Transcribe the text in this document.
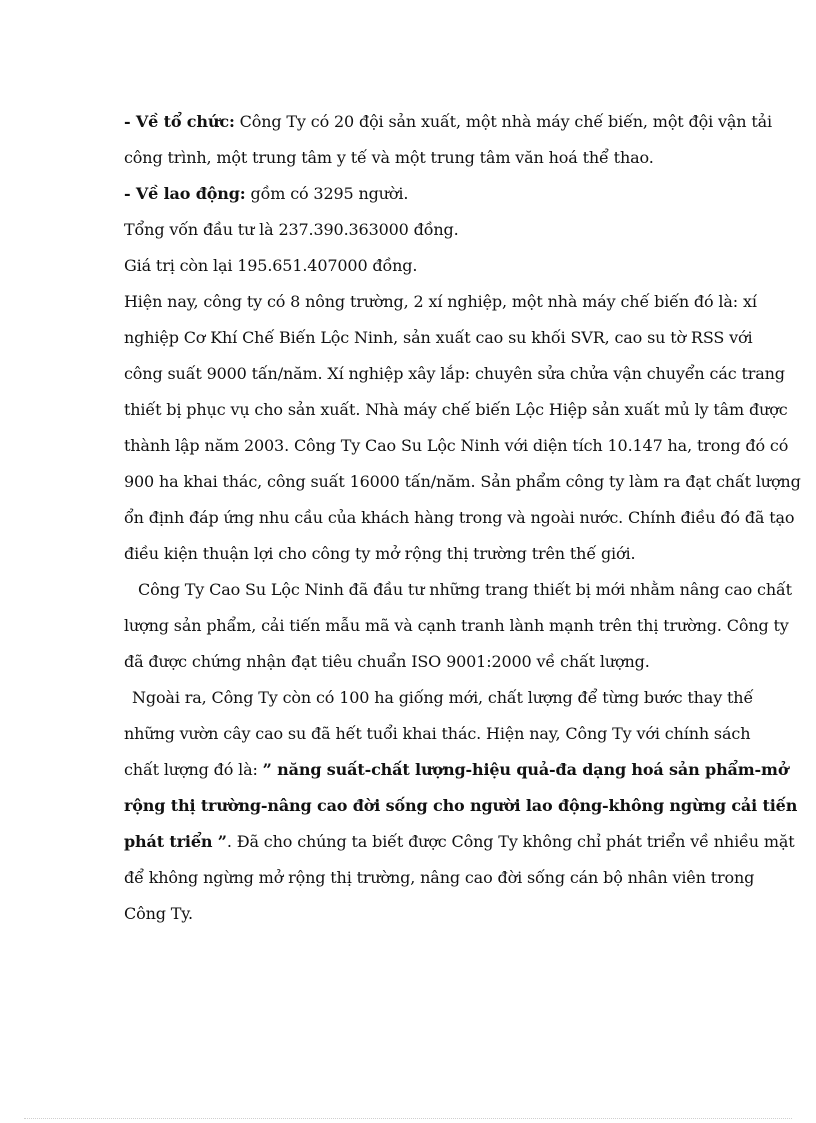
- Về tổ chức: Công Ty có 20 đội sản xuất, một nhà máy chế biến, một đội vận tải
công trình, một trung tâm y tế và một trung tâm văn hoá thể thao.
- Về lao động: gồm có 3295 người.
Tổng vốn đầu tư là 237.390.363000 đồng.
Giá trị còn lại 195.651.407000 đồng.
Hiện nay, công ty có 8 nông trường, 2 xí nghiệp, một nhà máy chế biến đó là: xí
nghiệp Cơ Khí Chế Biến Lộc Ninh, sản xuất cao su khối SVR, cao su tờ RSS với
công suất 9000 tấn/năm. Xí nghiệp xây lắp: chuyên sửa chửa vận chuyển các trang
thiết bị phục vụ cho sản xuất. Nhà máy chế biến Lộc Hiệp sản xuất mủ ly tâm được
thành lập năm 2003. Công Ty Cao Su Lộc Ninh với diện tích 10.147 ha, trong đó có
900 ha khai thác, công suất 16000 tấn/năm. Sản phẩm công ty làm ra đạt chất lượng
ổn định đáp ứng nhu cầu của khách hàng trong và ngoài nước. Chính điều đó đã tạo
điều kiện thuận lợi cho công ty mở rộng thị trường trên thế giới.
Công Ty Cao Su Lộc Ninh đã đầu tư những trang thiết bị mới nhằm nâng cao chất
lượng sản phẩm, cải tiến mẫu mã và cạnh tranh lành mạnh trên thị trường. Công ty
đã được chứng nhận đạt tiêu chuẩn ISO 9001:2000 về chất lượng.
Ngoài ra, Công Ty còn có 100 ha giống mới, chất lượng để từng bước thay thế
những vườn cây cao su đã hết tuổi khai thác. Hiện nay, Công Ty với chính sách
chất lượng đó là: ” năng suất-chất lượng-hiệu quả-đa dạng hoá sản phẩm-mở
rộng thị trường-nâng cao đời sống cho người lao động-không ngừng cải tiến
phát triển ”. Đã cho chúng ta biết được Công Ty không chỉ phát triển về nhiều mặt
để không ngừng mở rộng thị trường, nâng cao đời sống cán bộ nhân viên trong
Công Ty.
